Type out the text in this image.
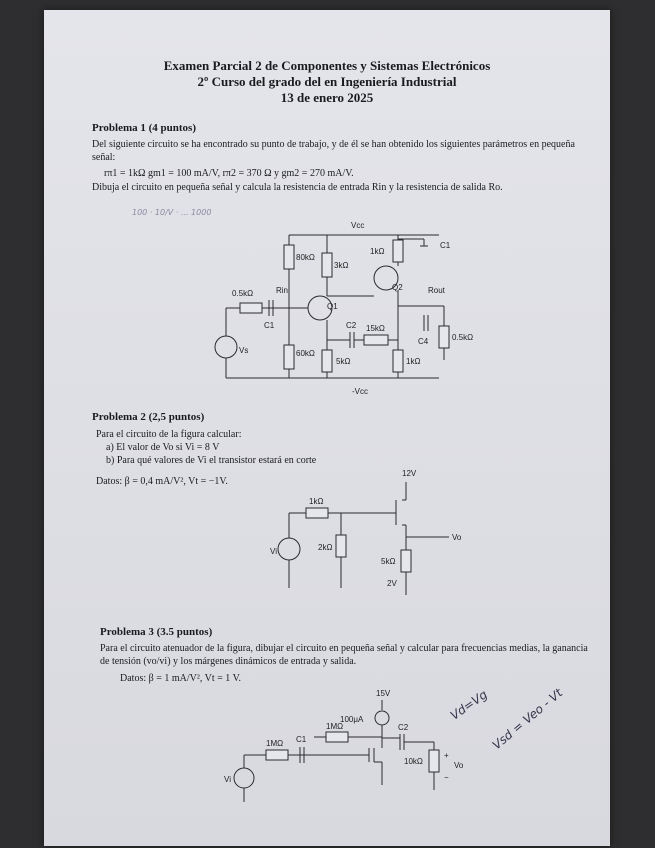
Examen Parcial 2 de Componentes y Sistemas Electrónicos
2º Curso del grado del en Ingeniería Industrial
13 de enero 2025
Problema 1 (4 puntos)
Del siguiente circuito se ha encontrado su punto de trabajo, y de él se han obtenido los siguientes parámetros en pequeña señal:
rπ1 = 1kΩ gm1 = 100 mA/V, rπ2 = 370 Ω y gm2 = 270 mA/V.
Dibuja el circuito en pequeña señal y calcula la resistencia de entrada Rin y la resistencia de salida Ro.
100 · 10/V · ... 1000
Vcc
-Vcc
80kΩ
60kΩ
3kΩ
Q1
5kΩ
0.5kΩ
C1
Rin
Vs
C2 15kΩ
Q2
1kΩ
1kΩ
C1
Rout
C4	0.5kΩ
Problema 2 (2,5 puntos)
Para el circuito de la figura calcular:
a) El valor de Vo si Vi = 8 V
b) Para qué valores de Vi el transistor estará en corte
Datos: β = 0,4 mA/V², Vt = −1V.
12V
Vo
1kΩ
Vi	2kΩ
5kΩ
2V
Problema 3 (3.5 puntos)
Para el circuito atenuador de la figura, dibujar el circuito en pequeña señal y calcular para frecuencias medias, la ganancia de tensión (vo/vi) y los márgenes dinámicos de entrada y salida.
Datos: β = 1 mA/V², Vt = 1 V.
15V
100μA
C2
10kΩ
+
Vo
−
1MΩ C1
1MΩ
Vi
Vd=Vg Vsd = Veo - Vt
